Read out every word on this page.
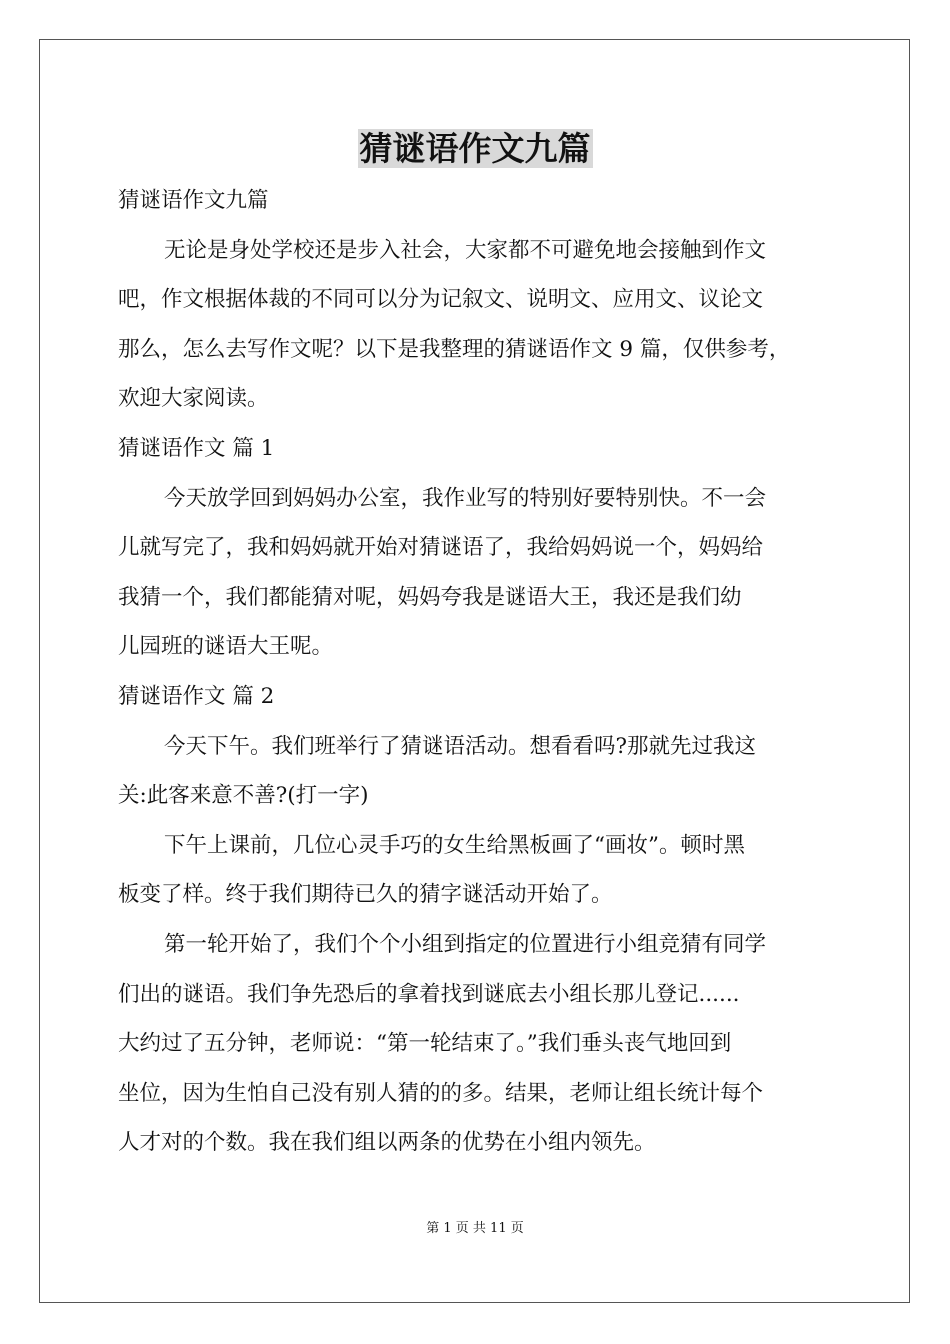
猜谜语作文九篇
猜谜语作文九篇
无论是身处学校还是步入社会，大家都不可避免地会接触到作文
吧，作文根据体裁的不同可以分为记叙文、说明文、应用文、议论文
那么，怎么去写作文呢？以下是我整理的猜谜语作文 9 篇，仅供参考，
欢迎大家阅读。
猜谜语作文 篇 1
今天放学回到妈妈办公室，我作业写的特别好要特别快。不一会
儿就写完了，我和妈妈就开始对猜谜语了，我给妈妈说一个，妈妈给
我猜一个，我们都能猜对呢，妈妈夸我是谜语大王，我还是我们幼
儿园班的谜语大王呢。
猜谜语作文 篇 2
今天下午。我们班举行了猜谜语活动。想看看吗?那就先过我这
关:此客来意不善?(打一字)
下午上课前，几位心灵手巧的女生给黑板画了“画妆”。顿时黑
板变了样。终于我们期待已久的猜字谜活动开始了。
第一轮开始了，我们个个小组到指定的位置进行小组竞猜有同学
们出的谜语。我们争先恐后的拿着找到谜底去小组长那儿登记......
大约过了五分钟，老师说：“第一轮结束了。”我们垂头丧气地回到
坐位，因为生怕自己没有别人猜的的多。结果，老师让组长统计每个
人才对的个数。我在我们组以两条的优势在小组内领先。
第 1 页 共 11 页
